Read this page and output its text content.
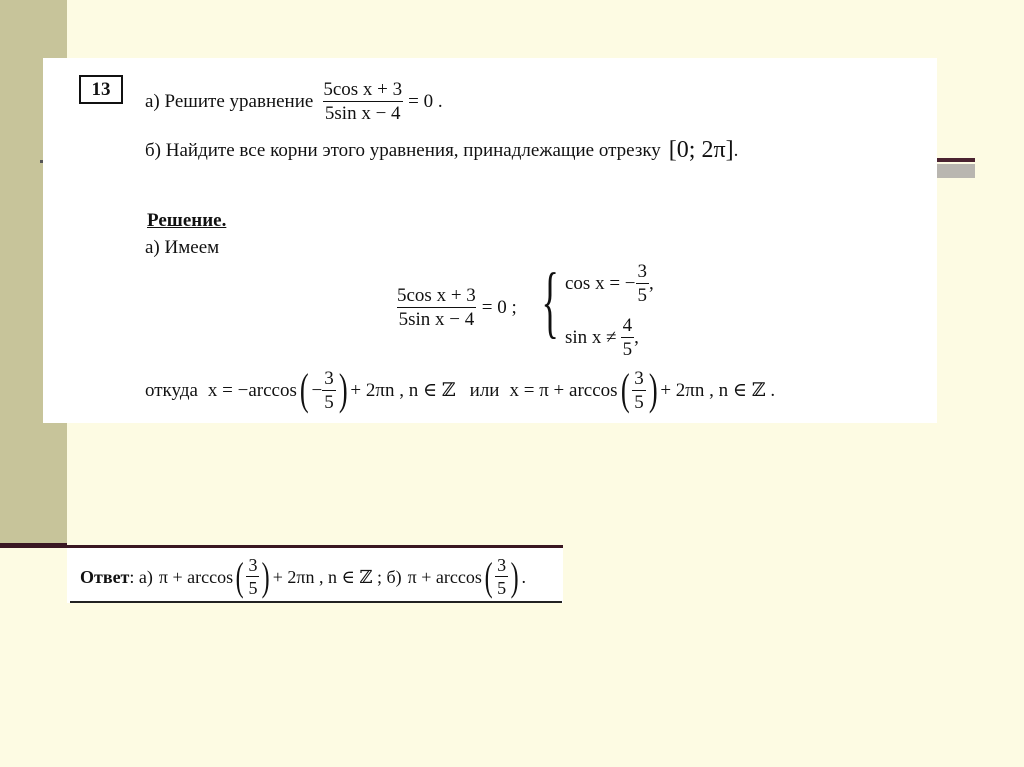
13
а) Решите уравнение $\frac{\text{5cos x + 3}}{\text{5sin x − 4}} = 0$ .
б) Найдите все корни этого уравнения, принадлежащие отрезку [0; 2π] .
Решение.
а) Имеем
$\frac{\text{5cos x + 3}}{\text{5sin x − 4}} = 0$ ; { cos x = − $\frac{3}{5}$ ,
$\sin x \ne \frac{4}{5}$ ,
откуда x = −arccos ( − $\frac{3}{5}$ ) + 2πn , n ∈ ℤ или x = π + arccos ( $\frac{3}{5}$ ) + 2πn , n ∈ ℤ .
Ответ : а) π + arccos ( $\frac{3}{5}$ ) + 2πn , n ∈ ℤ ; б) π + arccos ( $\frac{3}{5}$ ) .
